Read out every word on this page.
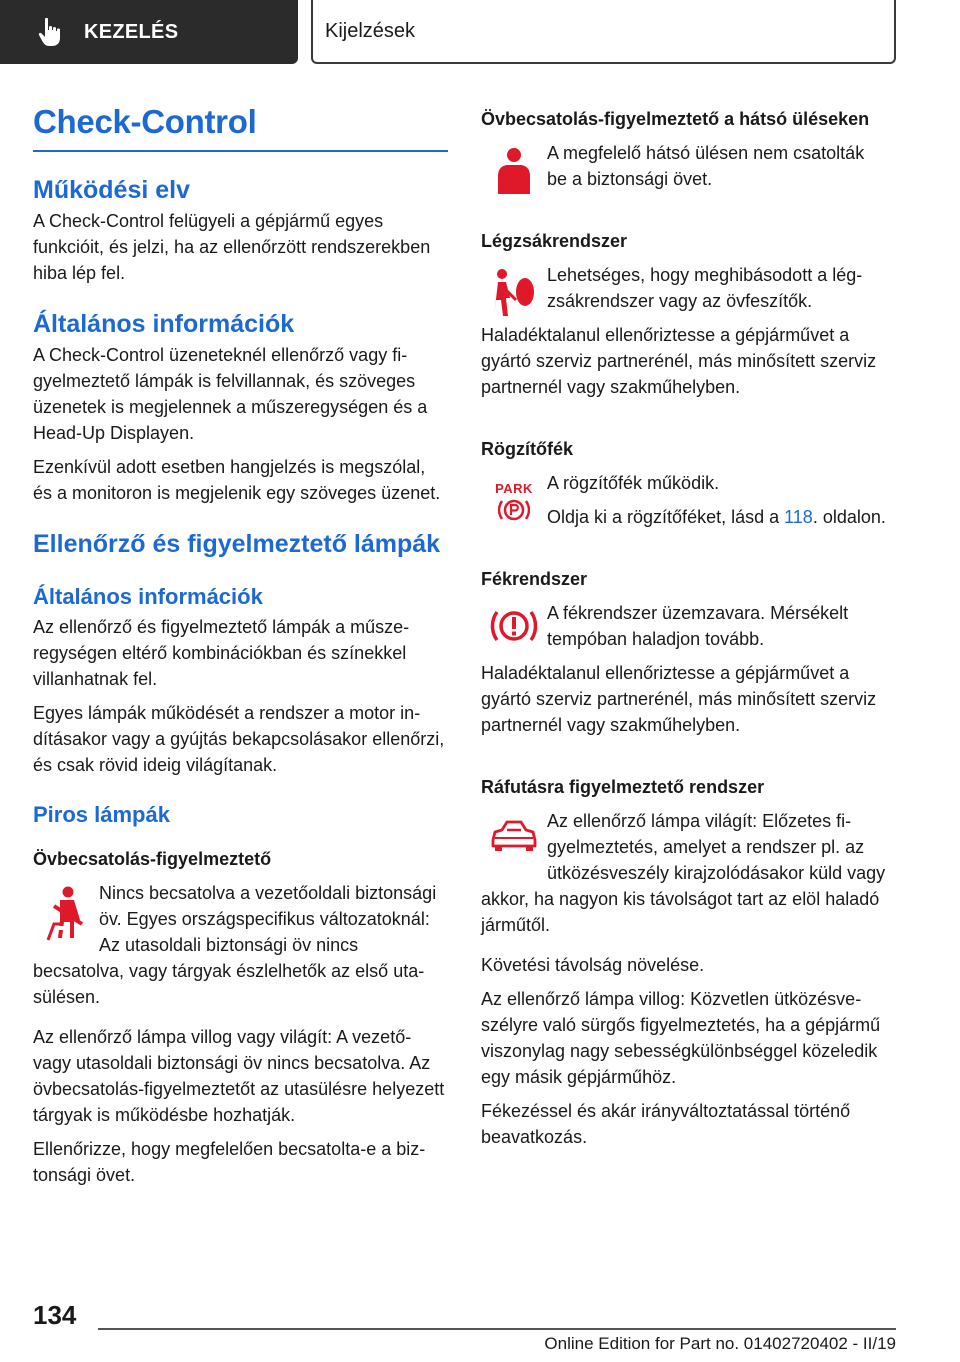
KEZELÉS	Kijelzések
Check-Control
Működési elv

A Check-Control felügyeli a gépjármű egyes funkcióit, és jelzi, ha az ellenőrzött rendszerekben hiba lép fel.

Általános információk

A Check-Control üzeneteknél ellenőrző vagy figyelmeztető lámpák is felvillannak, és szöveges üzenetek is megjelennek a műszeregységen és a Head-Up Displayen.

Ezenkívül adott esetben hangjelzés is megszólal, és a monitoron is megjelenik egy szöveges üzenet.

Ellenőrző és figyelmeztető lámpák
Általános információk

Az ellenőrző és figyelmeztető lámpák a műszeregységen eltérő kombinációkban és színekkel villanhatnak fel.

Egyes lámpák működését a rendszer a motor indításakor vagy a gyújtás bekapcsolásakor ellenőrzi, és csak rövid ideig világítanak.

Piros lámpák
Övbecsatolás-figyelmeztető

Nincs becsatolva a vezetőoldali biztonsági öv. Egyes országspecifikus változatoknál: Az utasoldali biztonsági öv nincs becsatolva, vagy tárgyak észlelhetők az első utasülésen.

Az ellenőrző lámpa villog vagy világít: A vezető- vagy utasoldali biztonsági öv nincs becsatolva. Az övbecsatolás-figyelmeztetőt az utasülésre helyezett tárgyak is működésbe hozhatják.

Ellenőrizze, hogy megfelelően becsatolta-e a biztonsági övet.

Övbecsatolás-figyelmeztető a hátsó üléseken

A megfelelő hátsó ülésen nem csatolták be a biztonsági övet.

Légzsákrendszer

Lehetséges, hogy meghibásodott a légzsákrendszer vagy az övfeszítők.

Haladéktalanul ellenőriztesse a gépjárművet a gyártó szerviz partnerénél, más minősített szerviz partnernél vagy szakműhelyben.

Rögzítőfék
PARK A rögzítőfék működik.

Oldja ki a rögzítőféket, lásd a 118. oldalon.

Fékrendszer

A fékrendszer üzemzavara. Mérsékelt tempóban haladjon tovább.

Haladéktalanul ellenőriztesse a gépjárművet a gyártó szerviz partnerénél, más minősített szerviz partnernél vagy szakműhelyben.

Ráfutásra figyelmeztető rendszer

Az ellenőrző lámpa világít: Előzetes figyelmeztetés, amelyet a rendszer pl. az ütközésveszély kirajzolódásakor küld vagy akkor, ha nagyon kis távolságot tart az elöl haladó járműtől.

Követési távolság növelése.

Az ellenőrző lámpa villog: Közvetlen ütközésveszélyre való sürgős figyelmeztetés, ha a gépjármű viszonylag nagy sebességkülönbséggel közeledik egy másik gépjárműhöz.

Fékezéssel és akár irányváltoztatással történő beavatkozás.

134
Online Edition for Part no. 01402720402 - II/19
